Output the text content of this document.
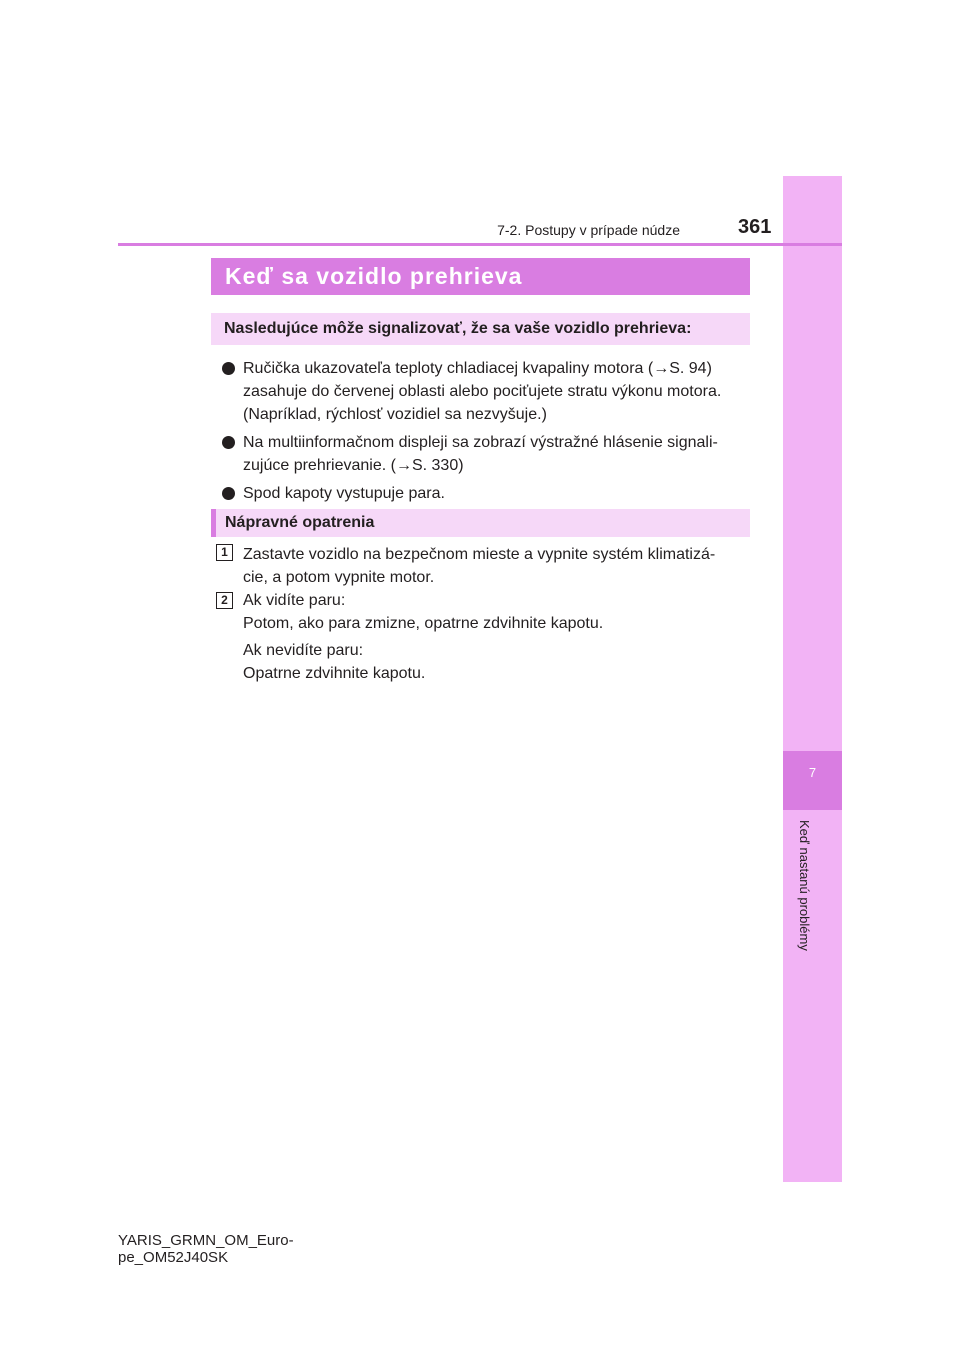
7
Keď nastanú problémy
7-2. Postupy v prípade núdze	361
Keď sa vozidlo prehrieva
Nasledujúce môže signalizovať, že sa vaše vozidlo prehrieva:
Ručička ukazovateľa teploty chladiacej kvapaliny motora (→S. 94)
zasahuje do červenej oblasti alebo pociťujete stratu výkonu motora.
(Napríklad, rýchlosť vozidiel sa nezvyšuje.)
Na multiinformačnom displeji sa zobrazí výstražné hlásenie signali-
zujúce prehrievanie. (→S. 330)
Spod kapoty vystupuje para.
Nápravné opatrenia
1 Zastavte vozidlo na bezpečnom mieste a vypnite systém klimatizá-
cie, a potom vypnite motor.
2 Ak vidíte paru:
Potom, ako para zmizne, opatrne zdvihnite kapotu.
Ak nevidíte paru:
Opatrne zdvihnite kapotu.
YARIS_GRMN_OM_Euro-
pe_OM52J40SK
